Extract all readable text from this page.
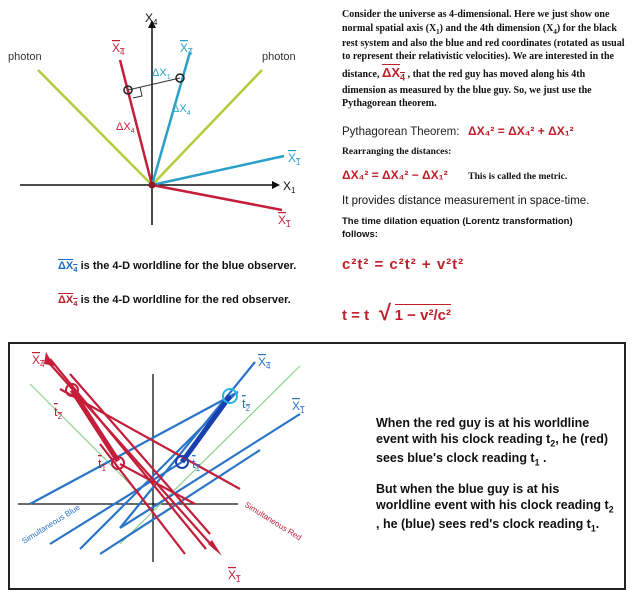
$X_4$
$X_1$
photon	photon
$X_4$	$X_4$
$X_1$
$X_1$
$\Delta X_4$
$\Delta X_4$
$\Delta X_1$
$\Delta X_4$ is the 4-D worldline for the blue observer.
$\Delta X_4$ is the 4-D worldline for the red observer.

Consider the universe as 4-dimensional. Here we just show one normal spatial axis $(X_1)$ and the 4th dimension $(X_4)$ for the black rest system and also the blue and red coordinates (rotated as usual to represent their relativistic velocities). We are interested in the distance, $\Delta X_4$ , that the red guy has moved along his 4th dimension as measured by the blue guy. So, we just use the Pythagorean theorem.

Pythagorean Theorem: ΔX₄² = ΔX₄² + ΔX₁²
Rearranging the distances:
ΔX₄² = ΔX₄² − ΔX₁² This is called the metric.
It provides distance measurement in space-time.
The time dilation equation (Lorentz transformation) follows:
c²t² = c²t² + v²t²
t = t √ 1 − v²/c²
$X_4$	$X_4$
$X_1$
$X_1$
$t_2$
$t_1$	$t_1$
$t_2$
Simultaneous Blue	Simultaneous Red

When the red guy is at his worldline event with his clock reading $t_2$, he (red) sees blue's clock reading $t_1$ .

But when the blue guy is at his worldline event with his clock reading $t_2$ , he (blue) sees red's clock reading $t_1$.
